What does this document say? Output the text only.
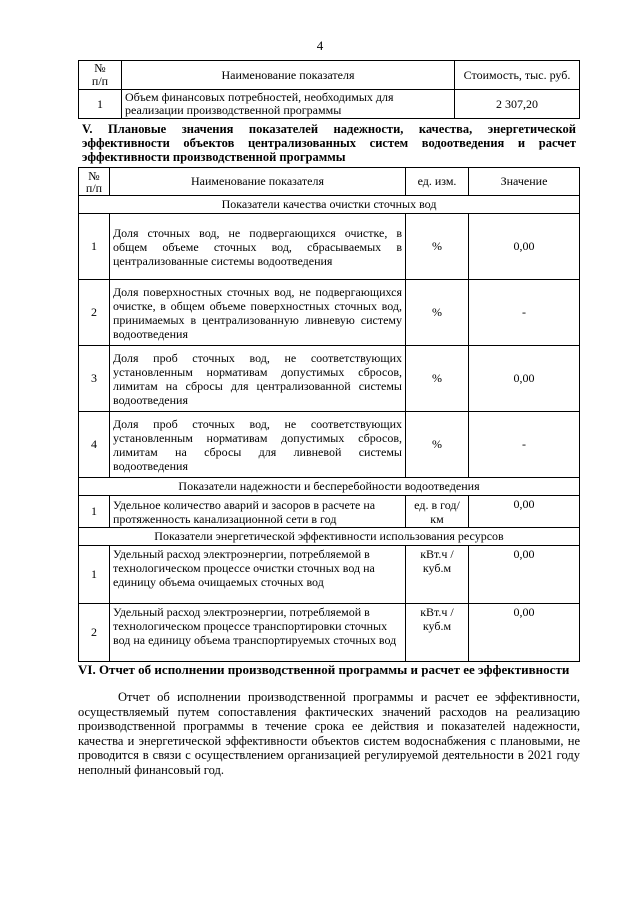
4
№
п/п	Наименование показателя	Стоимость, тыс. руб.
1	Объем финансовых потребностей, необходимых для реализации производственной программы	2 307,20
V. Плановые значения показателей надежности, качества, энергетической эффективности объектов централизованных систем водоотведения и расчет эффективности производственной программы
№
п/п	Наименование показателя	ед. изм.	Значение
Показатели качества очистки сточных вод			
1	Доля сточных вод, не подвергающихся очистке, в общем объеме сточных вод, сбрасываемых в централизованные системы водоотведения	%	0,00
2	Доля поверхностных сточных вод, не подвергающихся очистке, в общем объеме поверхностных сточных вод, принимаемых в централизованную ливневую систему водоотведения	%	-
3	Доля проб сточных вод, не соответствующих установленным нормативам допустимых сбросов, лимитам на сбросы для централизованной системы водоотведения	%	0,00
4	Доля проб сточных вод, не соответствующих установленным нормативам допустимых сбросов, лимитам на сбросы для ливневой системы водоотведения	%	-
Показатели надежности и бесперебойности водоотведения			
1	Удельное количество аварий и засоров в расчете на протяженность канализационной сети в год	ед. в год/ км	0,00
Показатели энергетической эффективности использования ресурсов			
1	Удельный расход электроэнергии, потребляемой в технологическом процессе очистки сточных вод на единицу объема очищаемых сточных вод	кВт.ч / куб.м	0,00
2	Удельный расход электроэнергии, потребляемой в технологическом процессе транспортировки сточных вод на единицу объема транспортируемых сточных вод	кВт.ч / куб.м	0,00
VI. Отчет об исполнении производственной программы и расчет ее эффективности
Отчет об исполнении производственной программы и расчет ее эффективности, осуществляемый путем сопоставления фактических значений расходов на реализацию производственной программы в течение срока ее действия и показателей надежности, качества и энергетической эффективности объектов систем водоснабжения с плановыми, не проводится в связи с осуществлением организацией регулируемой деятельности в 2021 году неполный финансовый год.
